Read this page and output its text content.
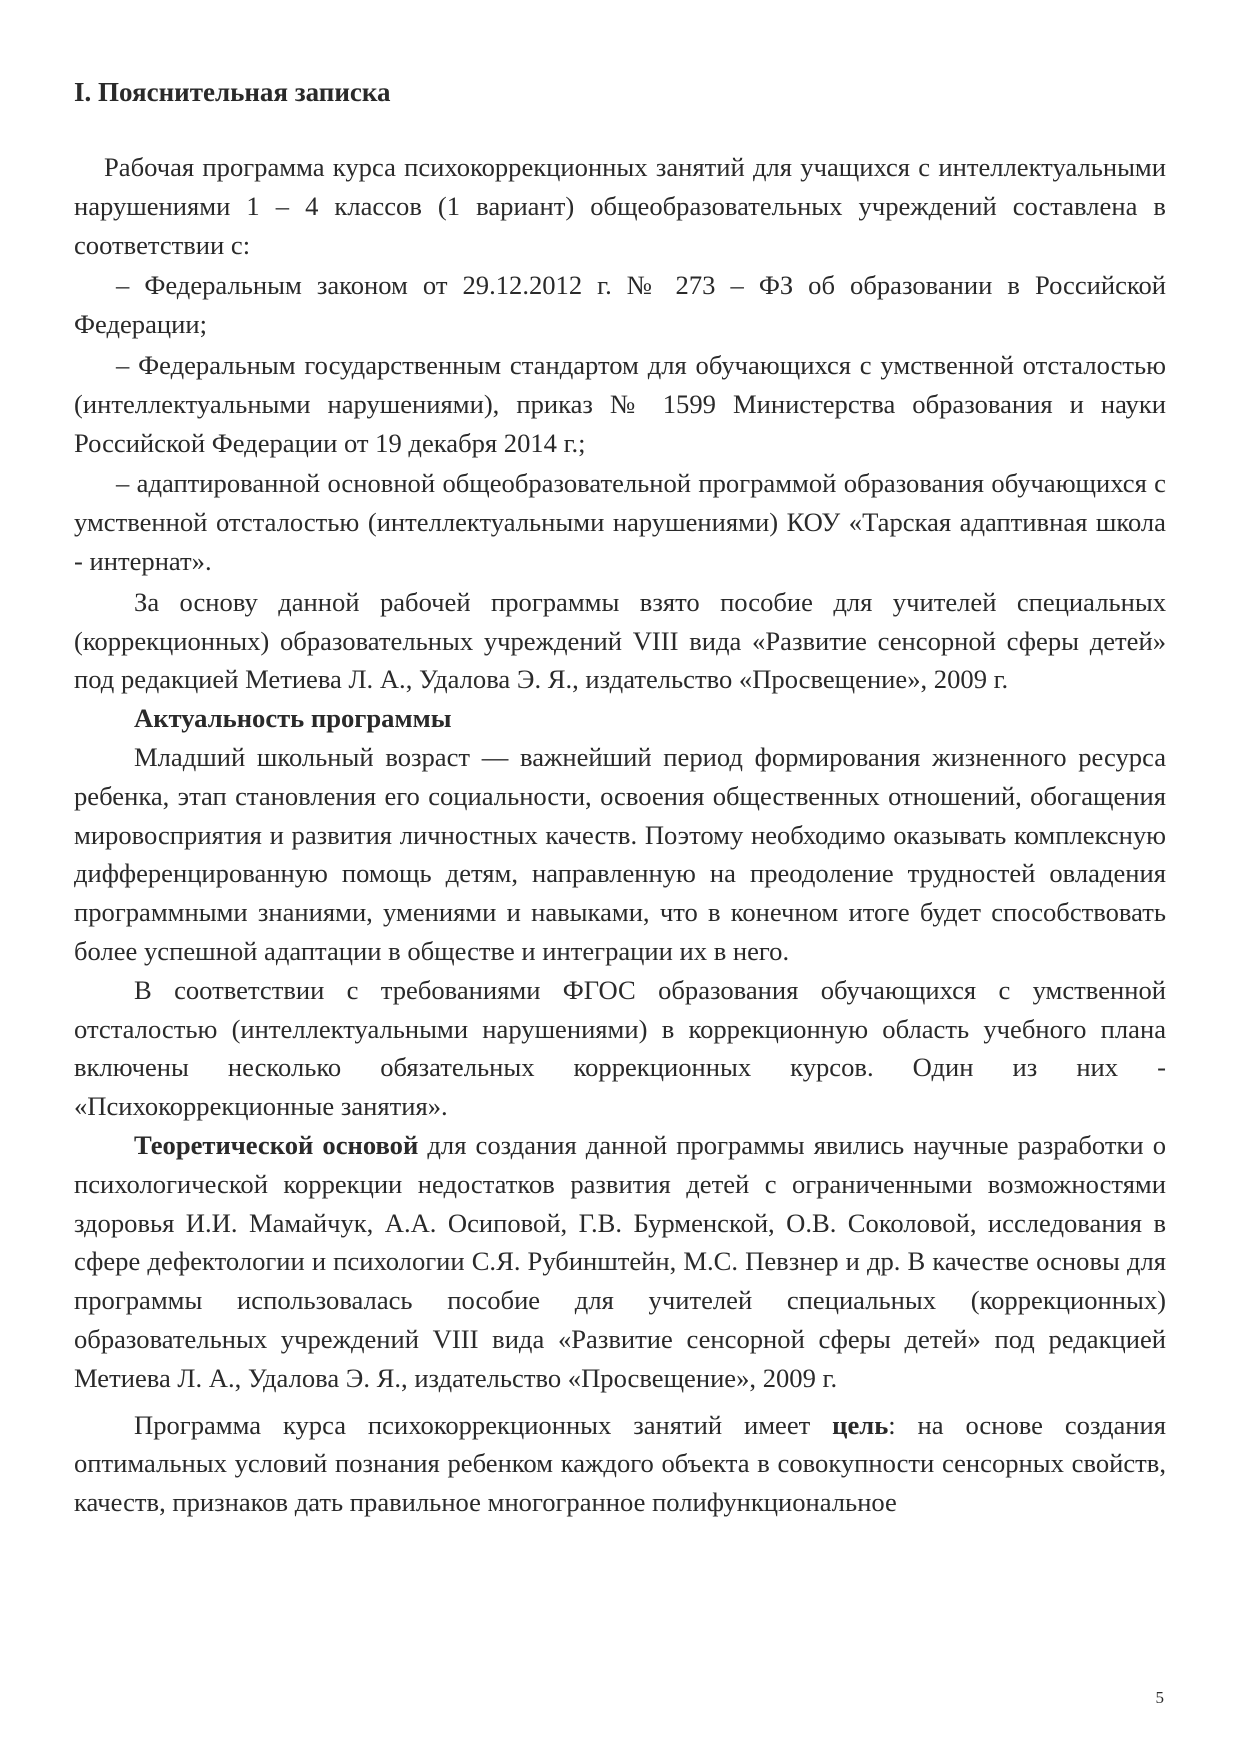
I. Пояснительная записка

Рабочая программа курса психокоррекционных занятий для учащихся с интеллектуальными нарушениями 1 – 4 классов (1 вариант) общеобразовательных учреждений составлена в соответствии с:

– Федеральным законом от 29.12.2012 г. № 273 – ФЗ об образовании в Российской Федерации;

– Федеральным государственным стандартом для обучающихся с умственной отсталостью (интеллектуальными нарушениями), приказ № 1599 Министерства образования и науки Российской Федерации от 19 декабря 2014 г.;

– адаптированной основной общеобразовательной программой образования обучающихся с умственной отсталостью (интеллектуальными нарушениями) КОУ «Тарская адаптивная школа - интернат».

За основу данной рабочей программы взято пособие для учителей специальных (коррекционных) образовательных учреждений VIII вида «Развитие сенсорной сферы детей» под редакцией Метиева Л. А., Удалова Э. Я., издательство «Просвещение», 2009 г.

Актуальность программы

Младший школьный возраст — важнейший период формирования жизненного ресурса ребенка, этап становления его социальности, освоения общественных отношений, обогащения мировосприятия и развития личностных качеств. Поэтому необходимо оказывать комплексную дифференцированную помощь детям, направленную на преодоление трудностей овладения программными знаниями, умениями и навыками, что в конечном итоге будет способствовать более успешной адаптации в обществе и интеграции их в него.

В соответствии с требованиями ФГОС образования обучающихся с умственной отсталостью (интеллектуальными нарушениями) в коррекционную область учебного плана включены несколько обязательных коррекционных курсов. Один из них - «Психокоррекционные занятия».

Теоретической основой для создания данной программы явились научные разработки о психологической коррекции недостатков развития детей с ограниченными возможностями здоровья И.И. Мамайчук, А.А. Осиповой, Г.В. Бурменской, О.В. Соколовой, исследования в сфере дефектологии и психологии С.Я. Рубинштейн, М.С. Певзнер и др. В качестве основы для программы использовалась пособие для учителей специальных (коррекционных) образовательных учреждений VIII вида «Развитие сенсорной сферы детей» под редакцией Метиева Л. А., Удалова Э. Я., издательство «Просвещение», 2009 г.

Программа курса психокоррекционных занятий имеет цель: на основе создания оптимальных условий познания ребенком каждого объекта в совокупности сенсорных свойств, качеств, признаков дать правильное многогранное полифункциональное

5
